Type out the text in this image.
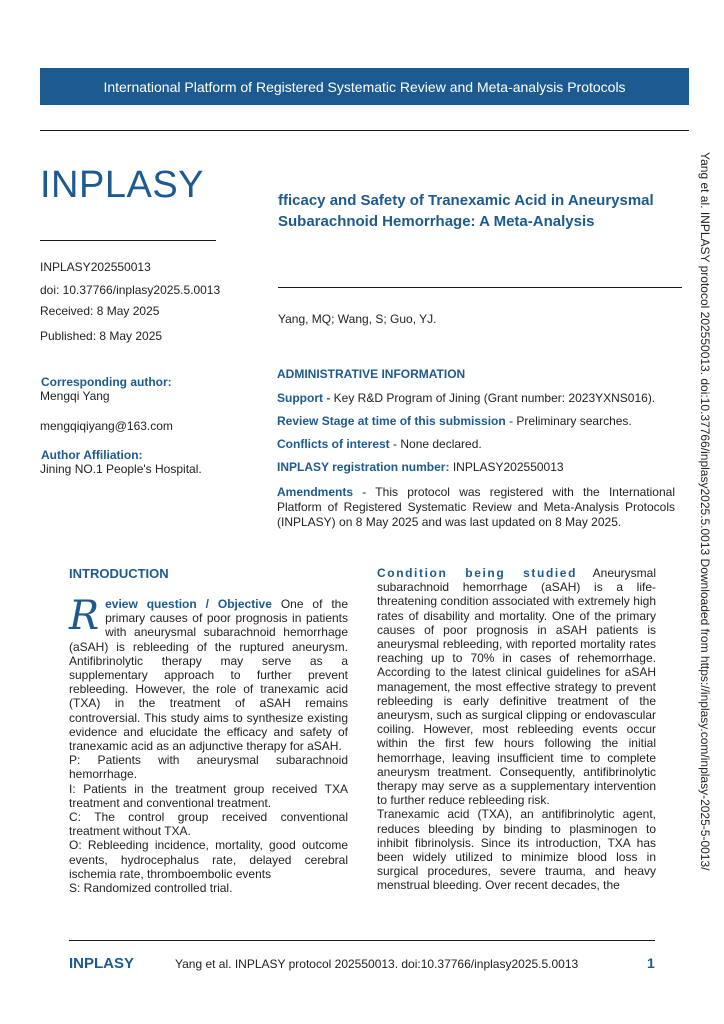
International Platform of Registered Systematic Review and Meta-analysis Protocols
INPLASY
INPLASY202550013
doi: 10.37766/inplasy2025.5.0013
Received: 8 May 2025
Published: 8 May 2025
Corresponding author:
Mengqi Yang
mengqiqiyang@163.com
Author Affiliation:
Jining NO.1 People's Hospital.
fficacy and Safety of Tranexamic Acid in Aneurysmal
Subarachnoid Hemorrhage: A Meta-Analysis
Yang, MQ; Wang, S; Guo, YJ.
ADMINISTRATIVE INFORMATION
Support - Key R&D Program of Jining (Grant number: 2023YXNS016).
Review Stage at time of this submission - Preliminary searches.
Conflicts of interest - None declared.
INPLASY registration number: INPLASY202550013
Amendments - This protocol was registered with the International Platform of Registered Systematic Review and Meta-Analysis Protocols (INPLASY) on 8 May 2025 and was last updated on 8 May 2025.
INTRODUCTION

Review question / Objective One of the primary causes of poor prognosis in patients with aneurysmal subarachnoid hemorrhage (aSAH) is rebleeding of the ruptured aneurysm. Antifibrinolytic therapy may serve as a supplementary approach to further prevent rebleeding. However, the role of tranexamic acid (TXA) in the treatment of aSAH remains controversial. This study aims to synthesize existing evidence and elucidate the efficacy and safety of tranexamic acid as an adjunctive therapy for aSAH.

P: Patients with aneurysmal subarachnoid hemorrhage.

I: Patients in the treatment group received TXA treatment and conventional treatment.

C: The control group received conventional treatment without TXA.

O: Rebleeding incidence, mortality, good outcome events, hydrocephalus rate, delayed cerebral ischemia rate, thromboembolic events

S: Randomized controlled trial.

Condition being studied Aneurysmal subarachnoid hemorrhage (aSAH) is a life-threatening condition associated with extremely high rates of disability and mortality. One of the primary causes of poor prognosis in aSAH patients is aneurysmal rebleeding, with reported mortality rates reaching up to 70% in cases of rehemorrhage. According to the latest clinical guidelines for aSAH management, the most effective strategy to prevent rebleeding is early definitive treatment of the aneurysm, such as surgical clipping or endovascular coiling. However, most rebleeding events occur within the first few hours following the initial hemorrhage, leaving insufficient time to complete aneurysm treatment. Consequently, antifibrinolytic therapy may serve as a supplementary intervention to further reduce rebleeding risk.

Tranexamic acid (TXA), an antifibrinolytic agent, reduces bleeding by binding to plasminogen to inhibit fibrinolysis. Since its introduction, TXA has been widely utilized to minimize blood loss in surgical procedures, severe trauma, and heavy menstrual bleeding. Over recent decades, the

INPLASY	Yang et al. INPLASY protocol 202550013. doi:10.37766/inplasy2025.5.0013	1
Yang et al. INPLASY protocol 202550013. doi:10.37766/inplasy2025.5.0013 Downloaded from https://inplasy.com/inplasy-2025-5-0013/
